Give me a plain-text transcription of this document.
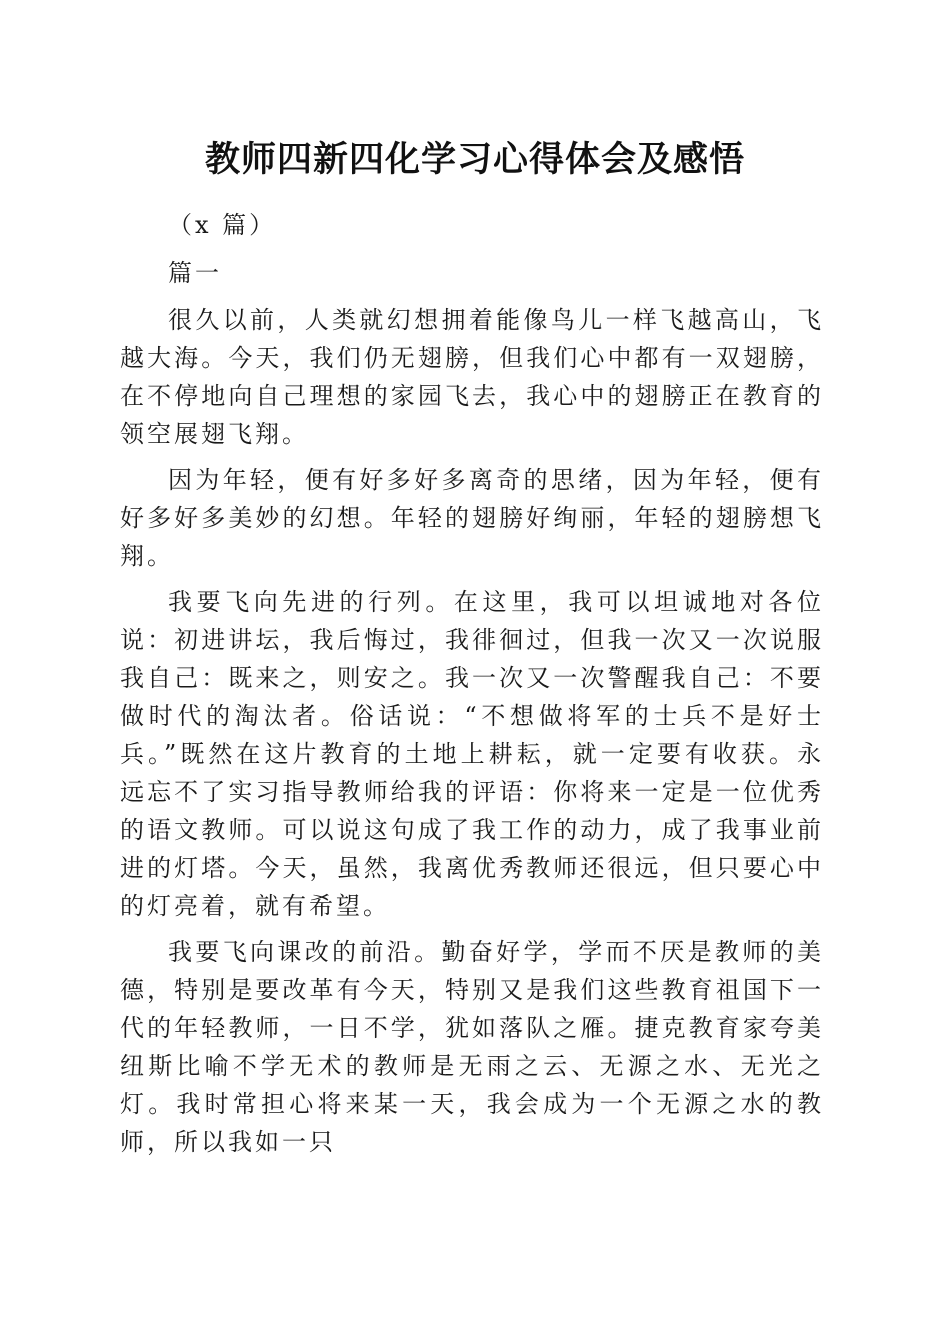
教师四新四化学习心得体会及感悟

（x 篇）

篇一

很久以前，人类就幻想拥着能像鸟儿一样飞越高山，飞越大海。今天，我们仍无翅膀，但我们心中都有一双翅膀，在不停地向自己理想的家园飞去，我心中的翅膀正在教育的领空展翅飞翔。

因为年轻，便有好多好多离奇的思绪，因为年轻，便有好多好多美妙的幻想。年轻的翅膀好绚丽，年轻的翅膀想飞翔。

我要飞向先进的行列。在这里，我可以坦诚地对各位说：初进讲坛，我后悔过，我徘徊过，但我一次又一次说服我自己：既来之，则安之。我一次又一次警醒我自己：不要做时代的淘汰者。俗话说：“不想做将军的士兵不是好士兵。”既然在这片教育的土地上耕耘，就一定要有收获。永远忘不了实习指导教师给我的评语：你将来一定是一位优秀的语文教师。可以说这句成了我工作的动力，成了我事业前进的灯塔。今天，虽然，我离优秀教师还很远，但只要心中的灯亮着，就有希望。

我要飞向课改的前沿。勤奋好学，学而不厌是教师的美德，特别是要改革有今天，特别又是我们这些教育祖国下一代的年轻教师，一日不学，犹如落队之雁。捷克教育家夸美纽斯比喻不学无术的教师是无雨之云、无源之水、无光之灯。我时常担心将来某一天，我会成为一个无源之水的教师，所以我如一只
